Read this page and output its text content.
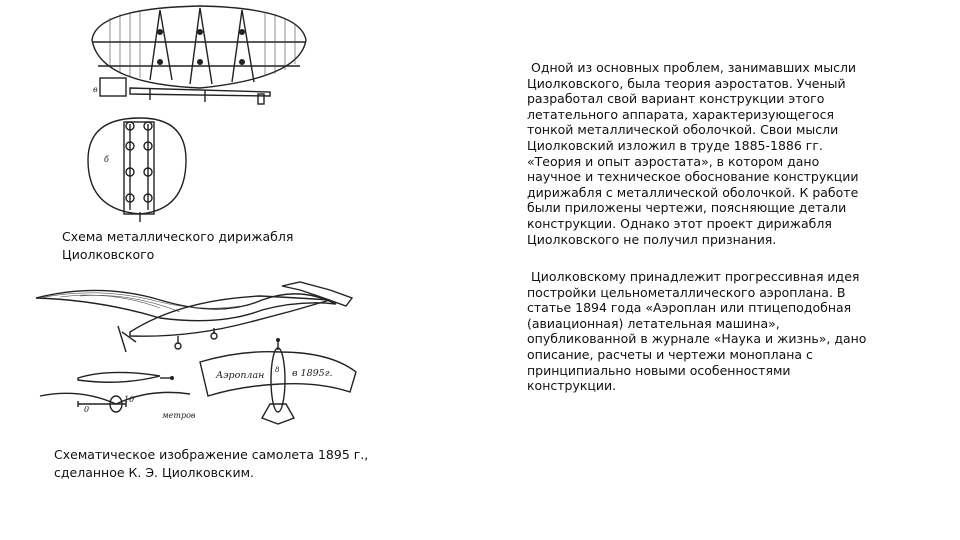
в
б
Схема металлического дирижабля Циолковского
0
10
метров
Аэроплан	в 1895г.
8
Схематическое изображение самолета 1895 г., сделанное К. Э. Циолковским.
Одной из основных проблем, занимавших мысли Циолковского, была теория аэростатов. Ученый разработал свой вариант конструкции этого летательного аппарата, характеризующегося тонкой металлической оболочкой. Свои мысли Циолковский изложил в труде 1885-1886 гг. «Теория и опыт аэростата», в котором дано научное и техническое обоснование конструкции дирижабля с металлической оболочкой. К работе были приложены чертежи, поясняющие детали конструкции. Однако этот проект дирижабля Циолковского не получил признания.
Циолковскому принадлежит прогрессивная идея постройки цельнометаллического аэроплана. В статье 1894 года «Аэроплан или птицеподобная (авиационная) летательная машина», опубликованной в журнале «Наука и жизнь», дано описание, расчеты и чертежи моноплана с принципиально новыми особенностями конструкции.
